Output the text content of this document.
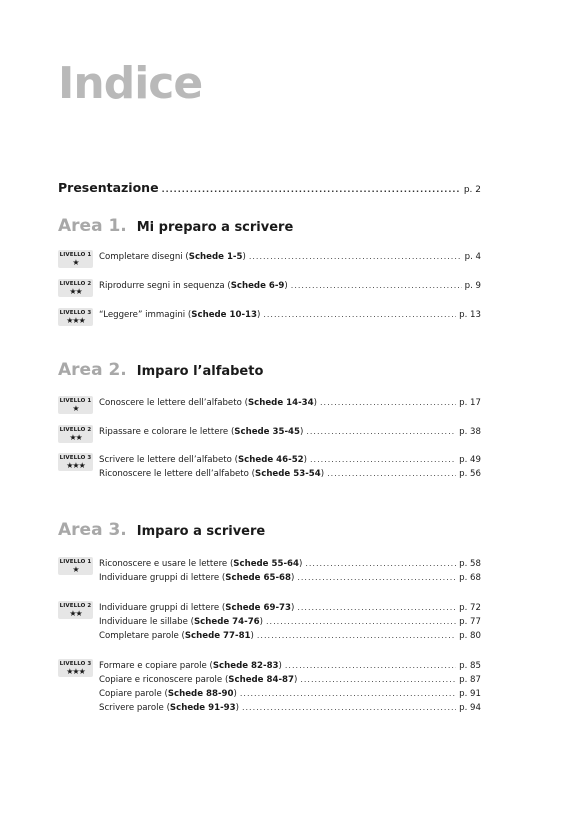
Indice
Presentazione .....	p. 2
Area 1. Mi preparo a scrivere
LIVELLO 1
★
Completare disegni ( Schede 1-5 ) .....	p. 4
LIVELLO 2
★★
Riprodurre segni in sequenza ( Schede 6-9 ) .....	p. 9
LIVELLO 3
★★★
“Leggere” immagini ( Schede 10-13 ) .....	p. 13
Area 2. Imparo l’alfabeto
LIVELLO 1
★
Conoscere le lettere dell’alfabeto ( Schede 14-34 ) .....	p. 17
LIVELLO 2
★★
Ripassare e colorare le lettere ( Schede 35-45 ) .....	p. 38
LIVELLO 3
★★★
Scrivere le lettere dell’alfabeto ( Schede 46-52 ) .....	p. 49
Riconoscere le lettere dell’alfabeto ( Schede 53-54 ) .....	p. 56
Area 3. Imparo a scrivere
LIVELLO 1
★
Riconoscere e usare le lettere ( Schede 55-64 ) .....	p. 58
Individuare gruppi di lettere ( Schede 65-68 ) .....	p. 68
LIVELLO 2
★★
Individuare gruppi di lettere ( Schede 69-73 ) .....	p. 72
Individuare le sillabe ( Schede 74-76 ) .....	p. 77
Completare parole ( Schede 77-81 ) .....	p. 80
LIVELLO 3
★★★
Formare e copiare parole ( Schede 82-83 ) .....	p. 85
Copiare e riconoscere parole ( Schede 84-87 ) .....	p. 87
Copiare parole ( Schede 88-90 ) .....	p. 91
Scrivere parole ( Schede 91-93 ) .....	p. 94
